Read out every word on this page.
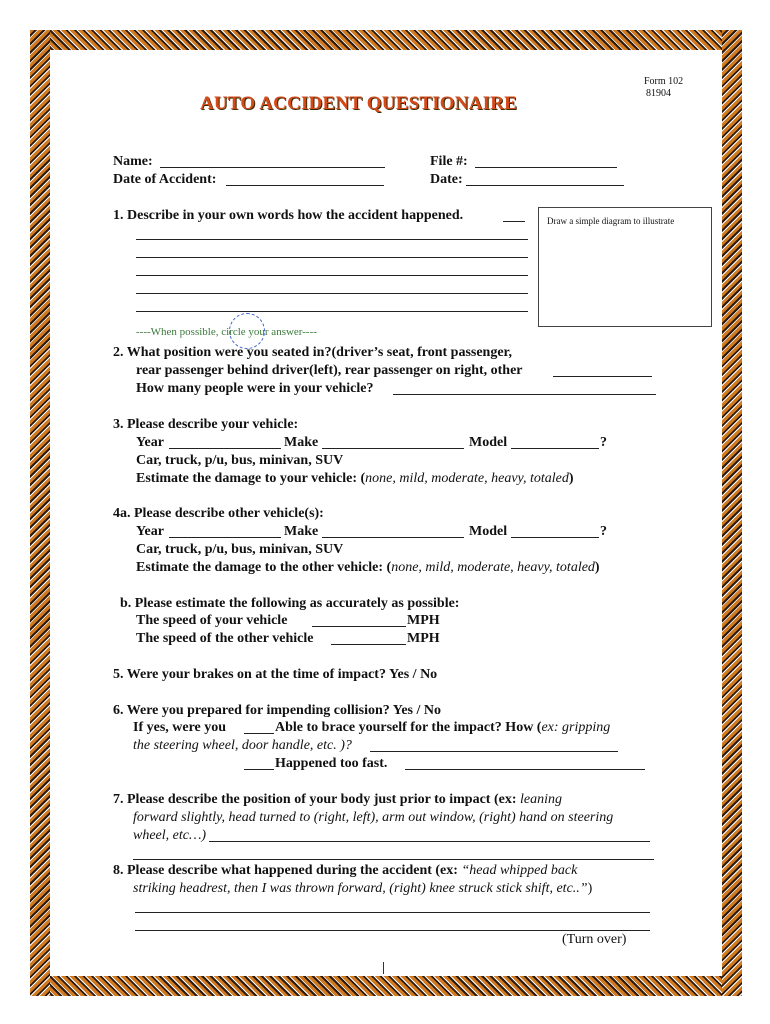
Form 102
81904
AUTO ACCIDENT QUESTIONAIRE
Name:	File #:
Date of Accident:	Date:
1. Describe in your own words how the accident happened.	Draw a simple diagram to illustrate
----When possible, circle your answer----
2. What position were you seated in?(driver’s seat, front passenger,
rear passenger behind driver(left), rear passenger on right, other
How many people were in your vehicle?
3. Please describe your vehicle:
Year	Make	Model	?
Car, truck, p/u, bus, minivan, SUV
Estimate the damage to your vehicle: (none, mild, moderate, heavy, totaled)
4a. Please describe other vehicle(s):
Year	Make	Model	?
Car, truck, p/u, bus, minivan, SUV
Estimate the damage to the other vehicle: (none, mild, moderate, heavy, totaled)
b. Please estimate the following as accurately as possible:
The speed of your vehicle	MPH
The speed of the other vehicle	MPH
5. Were your brakes on at the time of impact? Yes / No
6. Were you prepared for impending collision? Yes / No
If yes, were you	Able to brace yourself for the impact? How (ex: gripping
the steering wheel, door handle, etc. )?
Happened too fast.
7. Please describe the position of your body just prior to impact (ex: leaning
forward slightly, head turned to (right, left), arm out window, (right) hand on steering
wheel, etc…)
8. Please describe what happened during the accident (ex: “head whipped back
striking headrest, then I was thrown forward, (right) knee struck stick shift, etc..”)
(Turn over)
